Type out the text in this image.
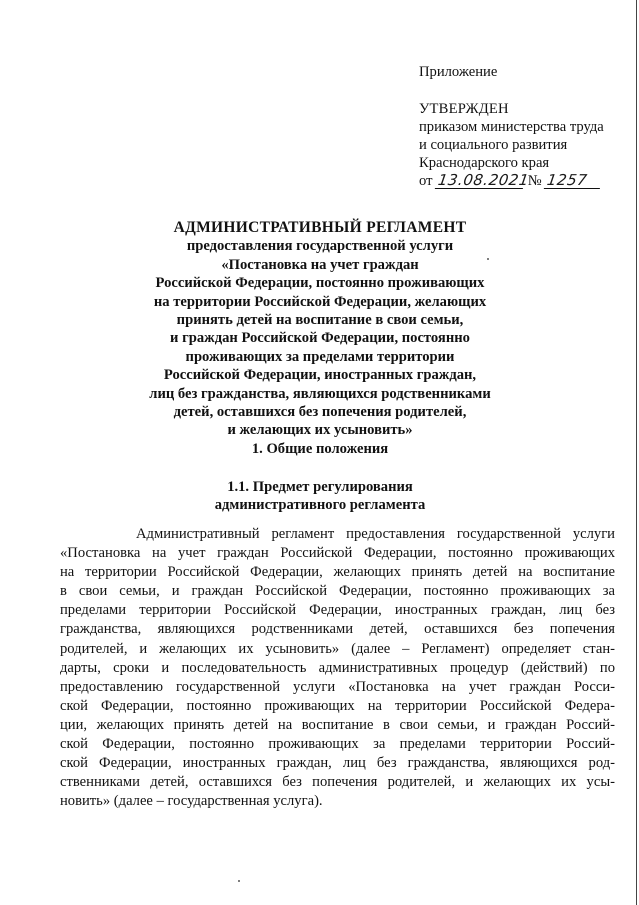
Приложение
УТВЕРЖДЕН
приказом министерства труда
и социального развития
Краснодарского края
от 13.08.2021 № 1257
АДМИНИСТРАТИВНЫЙ РЕГЛАМЕНТ
предоставления государственной услуги
«Постановка на учет граждан
Российской Федерации, постоянно проживающих
на территории Российской Федерации, желающих
принять детей на воспитание в свои семьи,
и граждан Российской Федерации, постоянно
проживающих за пределами территории
Российской Федерации, иностранных граждан,
лиц без гражданства, являющихся родственниками
детей, оставшихся без попечения родителей,
и желающих их усыновить»
1. Общие положения
1.1. Предмет регулирования
административного регламента
Административный регламент предоставления государственной услуги
«Постановка на учет граждан Российской Федерации, постоянно проживающих
на территории Российской Федерации, желающих принять детей на воспитание
в свои семьи, и граждан Российской Федерации, постоянно проживающих за
пределами территории Российской Федерации, иностранных граждан, лиц без
гражданства, являющихся родственниками детей, оставшихся без попечения
родителей, и желающих их усыновить» (далее – Регламент) определяет стан-
дарты, сроки и последовательность административных процедур (действий) по
предоставлению государственной услуги «Постановка на учет граждан Росси-
ской Федерации, постоянно проживающих на территории Российской Федера-
ции, желающих принять детей на воспитание в свои семьи, и граждан Россий-
ской Федерации, постоянно проживающих за пределами территории Россий-
ской Федерации, иностранных граждан, лиц без гражданства, являющихся род-
ственниками детей, оставшихся без попечения родителей, и желающих их усы-
новить» (далее – государственная услуга).
